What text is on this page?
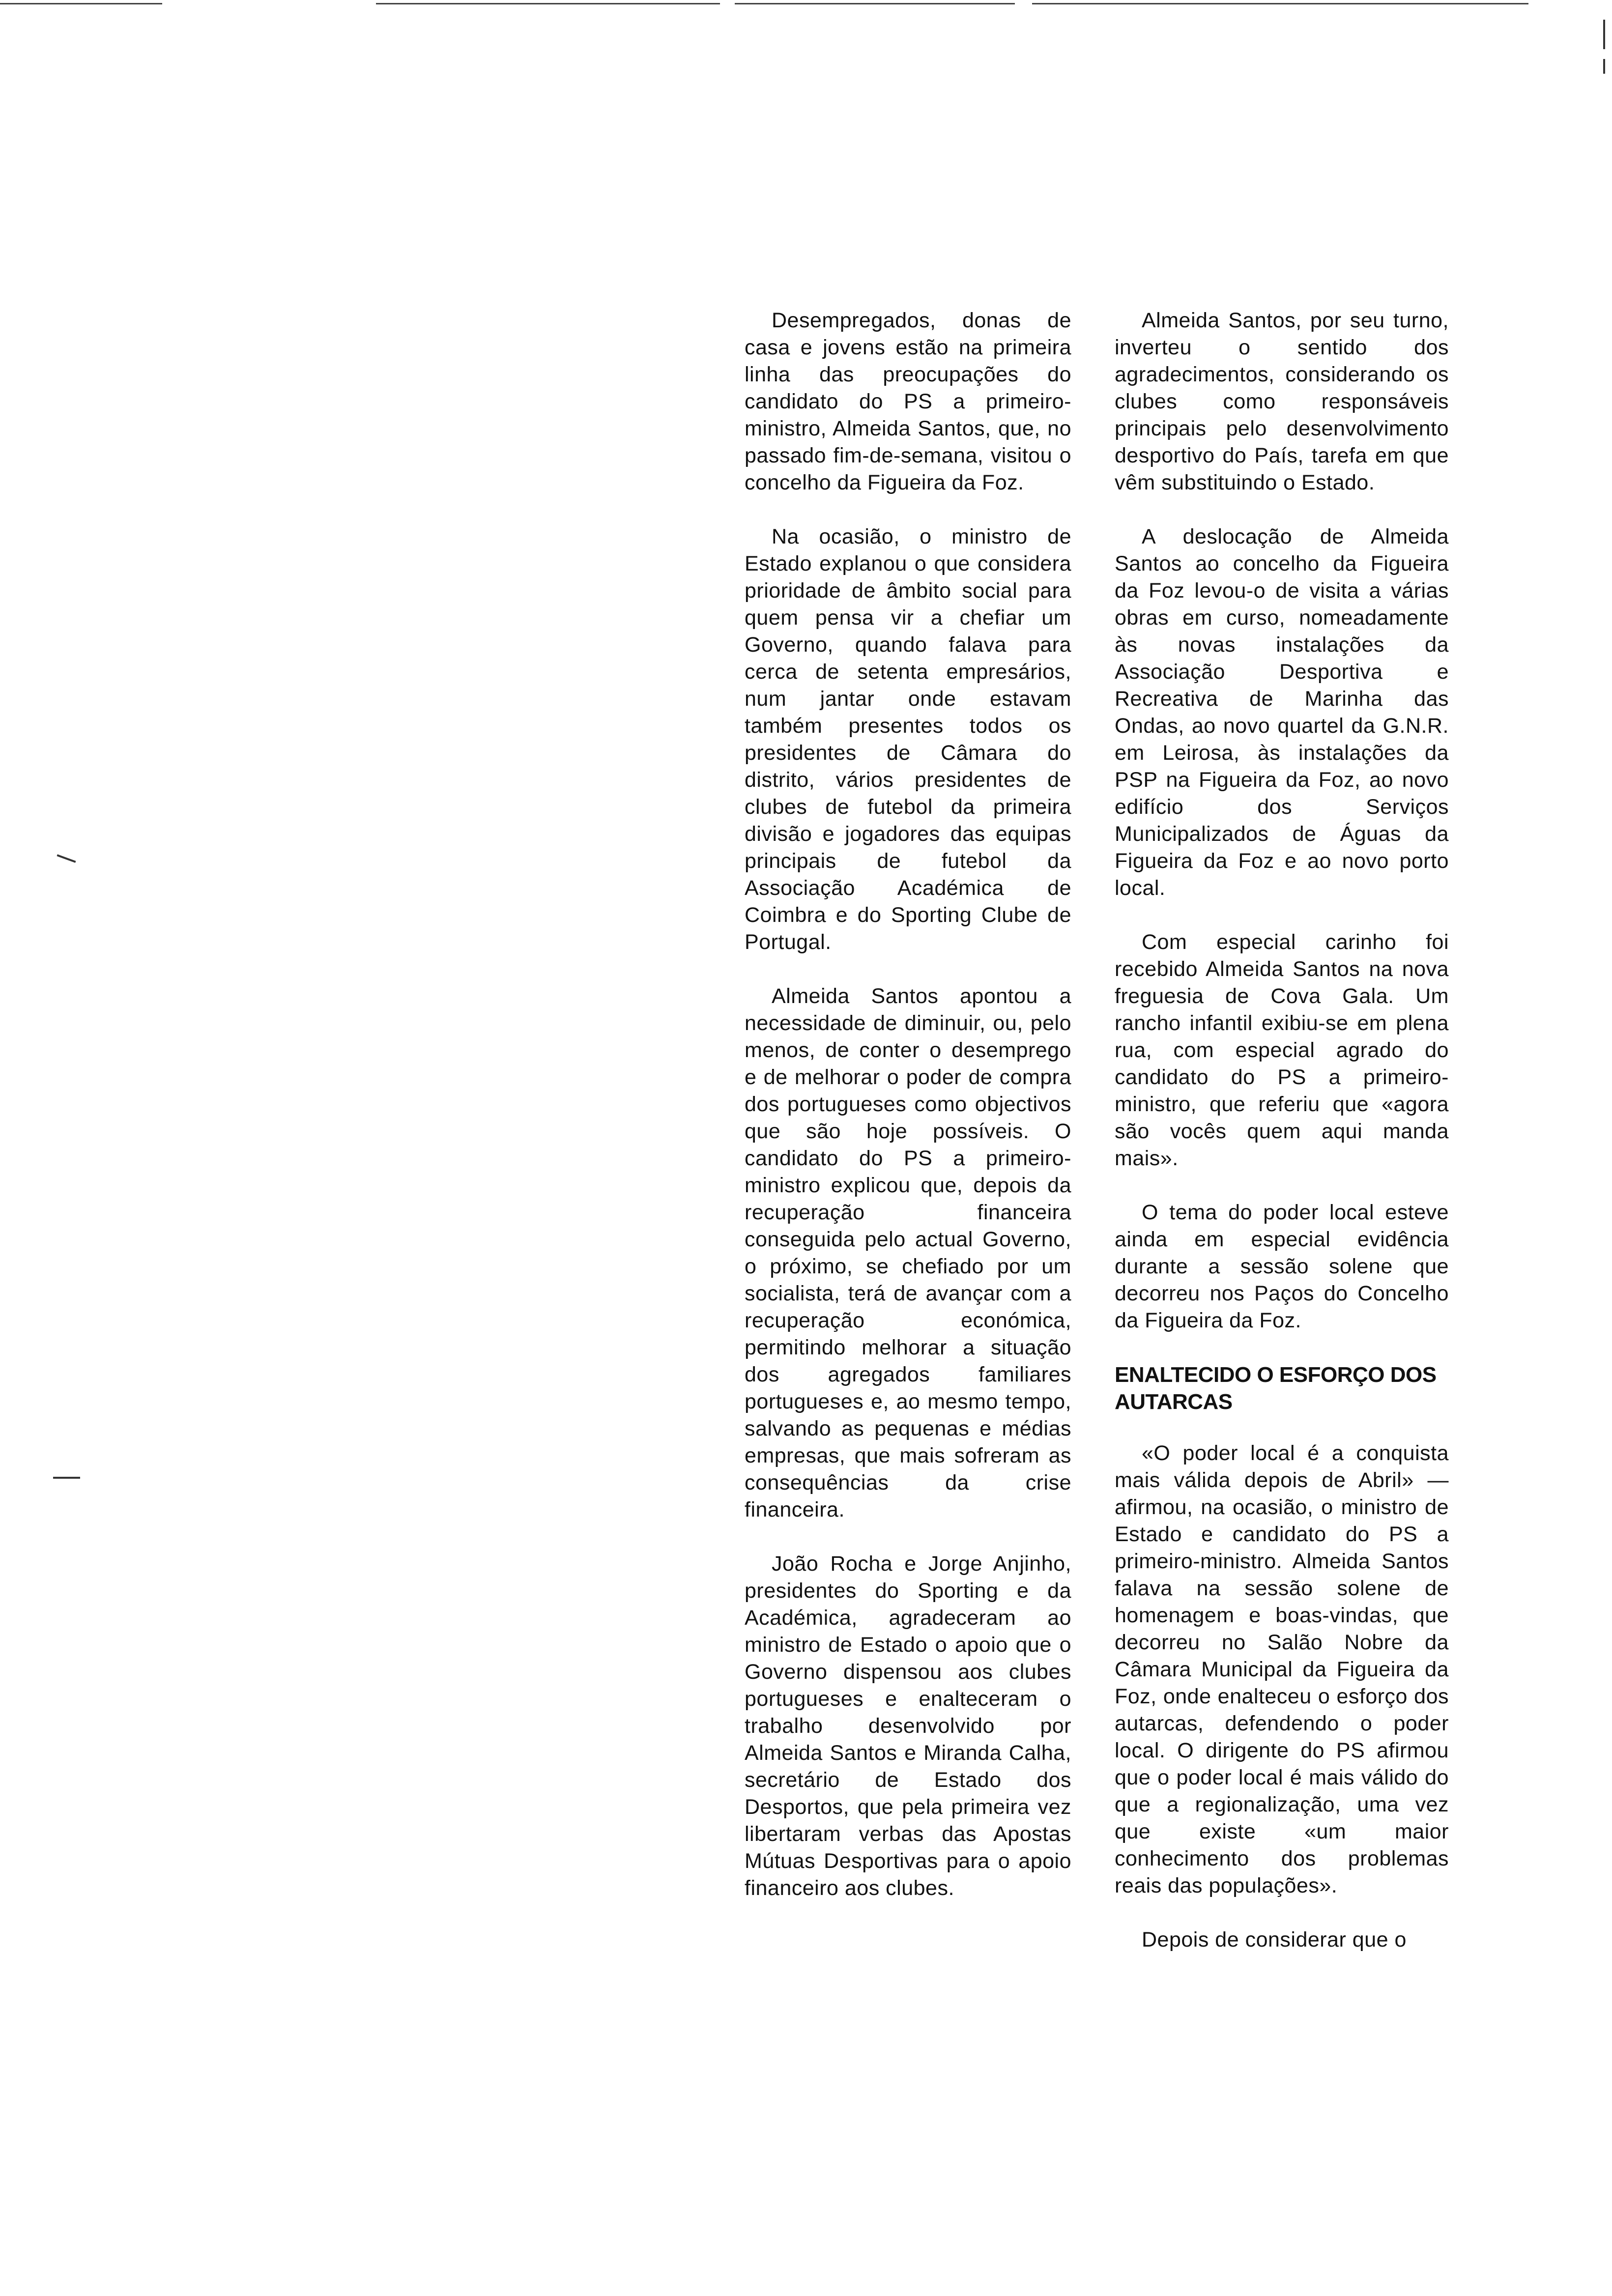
Desempregados, donas de casa e jovens estão na primeira linha das preocupações do candidato do PS a primeiro-ministro, Almeida Santos, que, no passado fim-de-semana, visitou o concelho da Figueira da Foz.

Na ocasião, o ministro de Estado explanou o que considera prioridade de âmbito social para quem pensa vir a chefiar um Governo, quando falava para cerca de setenta empresários, num jantar onde estavam também presentes todos os presidentes de Câmara do distrito, vários presidentes de clubes de futebol da primeira divisão e jogadores das equipas principais de futebol da Associação Académica de Coimbra e do Sporting Clube de Portugal.

Almeida Santos apontou a necessidade de diminuir, ou, pelo menos, de conter o desemprego e de melhorar o poder de compra dos portugueses como objectivos que são hoje possíveis. O candidato do PS a primeiro-ministro explicou que, depois da recuperação financeira conseguida pelo actual Governo, o próximo, se chefiado por um socialista, terá de avançar com a recuperação económica, permitindo melhorar a situação dos agregados familiares portugueses e, ao mesmo tempo, salvando as pequenas e médias empresas, que mais sofreram as consequências da crise financeira.

João Rocha e Jorge Anjinho, presidentes do Sporting e da Académica, agradeceram ao ministro de Estado o apoio que o Governo dispensou aos clubes portugueses e enalteceram o trabalho desenvolvido por Almeida Santos e Miranda Calha, secretário de Estado dos Desportos, que pela primeira vez libertaram verbas das Apostas Mútuas Desportivas para o apoio financeiro aos clubes.

Almeida Santos, por seu turno, inverteu o sentido dos agradecimentos, considerando os clubes como responsáveis principais pelo desenvolvimento desportivo do País, tarefa em que vêm substituindo o Estado.

A deslocação de Almeida Santos ao concelho da Figueira da Foz levou-o de visita a várias obras em curso, nomeadamente às novas instalações da Associação Desportiva e Recreativa de Marinha das Ondas, ao novo quartel da G.N.R. em Leirosa, às instalações da PSP na Figueira da Foz, ao novo edifício dos Serviços Municipalizados de Águas da Figueira da Foz e ao novo porto local.

Com especial carinho foi recebido Almeida Santos na nova freguesia de Cova Gala. Um rancho infantil exibiu-se em plena rua, com especial agrado do candidato do PS a primeiro-ministro, que referiu que «agora são vocês quem aqui manda mais».

O tema do poder local esteve ainda em especial evidência durante a sessão solene que decorreu nos Paços do Concelho da Figueira da Foz.

ENALTECIDO O ESFORÇO DOS AUTARCAS

«O poder local é a conquista mais válida depois de Abril» — afirmou, na ocasião, o ministro de Estado e candidato do PS a primeiro-ministro. Almeida Santos falava na sessão solene de homenagem e boas-vindas, que decorreu no Salão Nobre da Câmara Municipal da Figueira da Foz, onde enalteceu o esforço dos autarcas, defendendo o poder local. O dirigente do PS afirmou que o poder local é mais válido do que a regionalização, uma vez que existe «um maior conhecimento dos problemas reais das populações».

Depois de considerar que o
